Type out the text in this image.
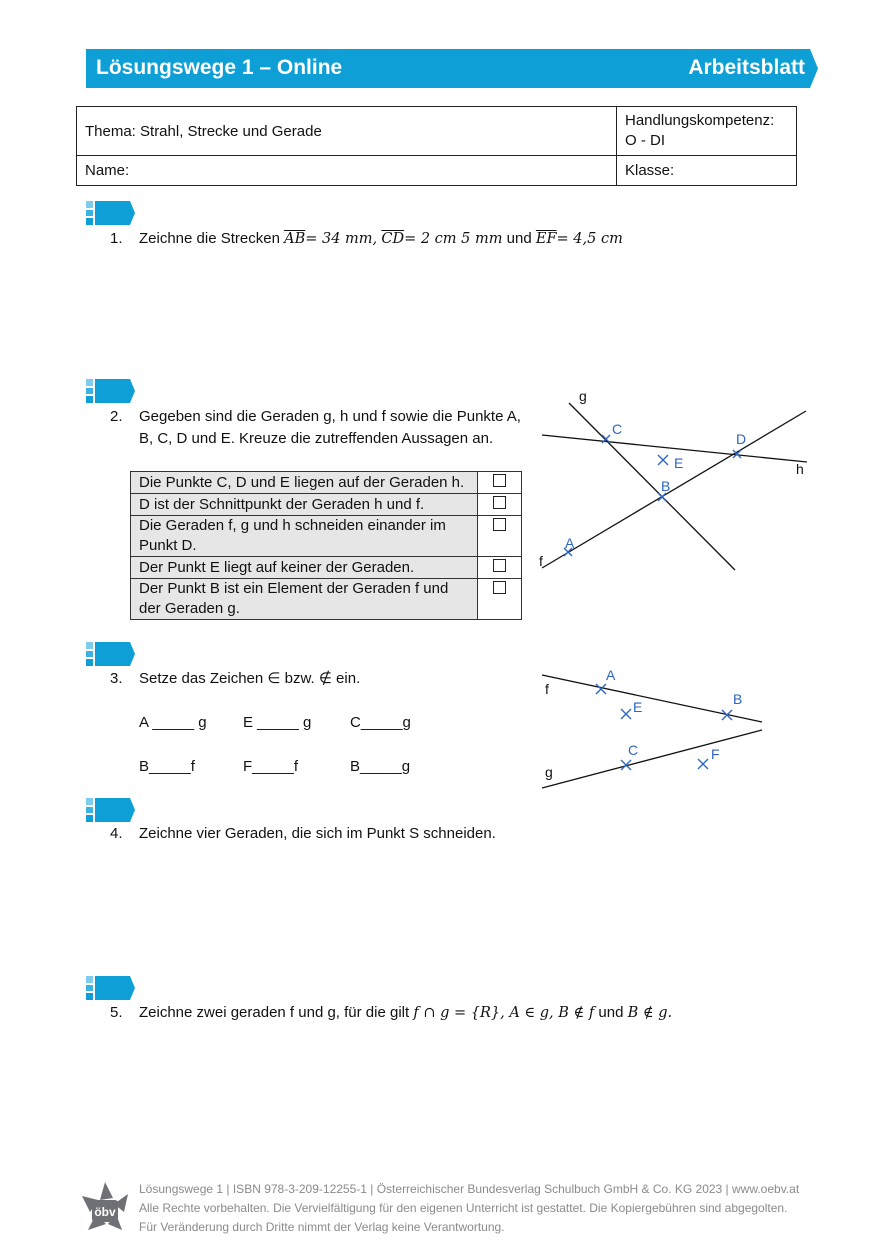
Lösungswege 1 – Online	Arbeitsblatt
Thema: Strahl, Strecke und Gerade	Handlungskompetenz:
O - DI

Name:	Klasse:
1. Zeichne die Strecken $\overline{AB}= 34$ mm, $\overline{CD}= 2$ cm 5 mm und $\overline{EF}= 4,5$ cm
2. Gegeben sind die Geraden g, h und f sowie die Punkte A,
B, C, D und E. Kreuze die zutreffenden Aussagen an.
Die Punkte C, D und E liegen auf der Geraden h.	

D ist der Schnittpunkt der Geraden h und f.	

Die Geraden f, g und h schneiden einander im
Punkt D.	

Der Punkt E liegt auf keiner der Geraden.	

Der Punkt B ist ein Element der Geraden f und
der Geraden g.	

g
h
f
C
D
E
B
A
3. Setze das Zeichen ∈ bzw. ∉ ein.
A _____ g E _____ g	C_____g
B_____f	F_____f	B_____g
f
g
A
B
E
C	F
4. Zeichne vier Geraden, die sich im Punkt S schneiden.
5. Zeichne zwei geraden f und g, für die gilt f ∩ g = {R}, A ∈ g, B ∉ f und B ∉ g.
öbv
Lösungswege 1 | ISBN 978-3-209-12255-1 | Österreichischer Bundesverlag Schulbuch GmbH & Co. KG 2023 | www.oebv.at
Alle Rechte vorbehalten. Die Vervielfältigung für den eigenen Unterricht ist gestattet. Die Kopiergebühren sind abgegolten.
Für Veränderung durch Dritte nimmt der Verlag keine Verantwortung.
